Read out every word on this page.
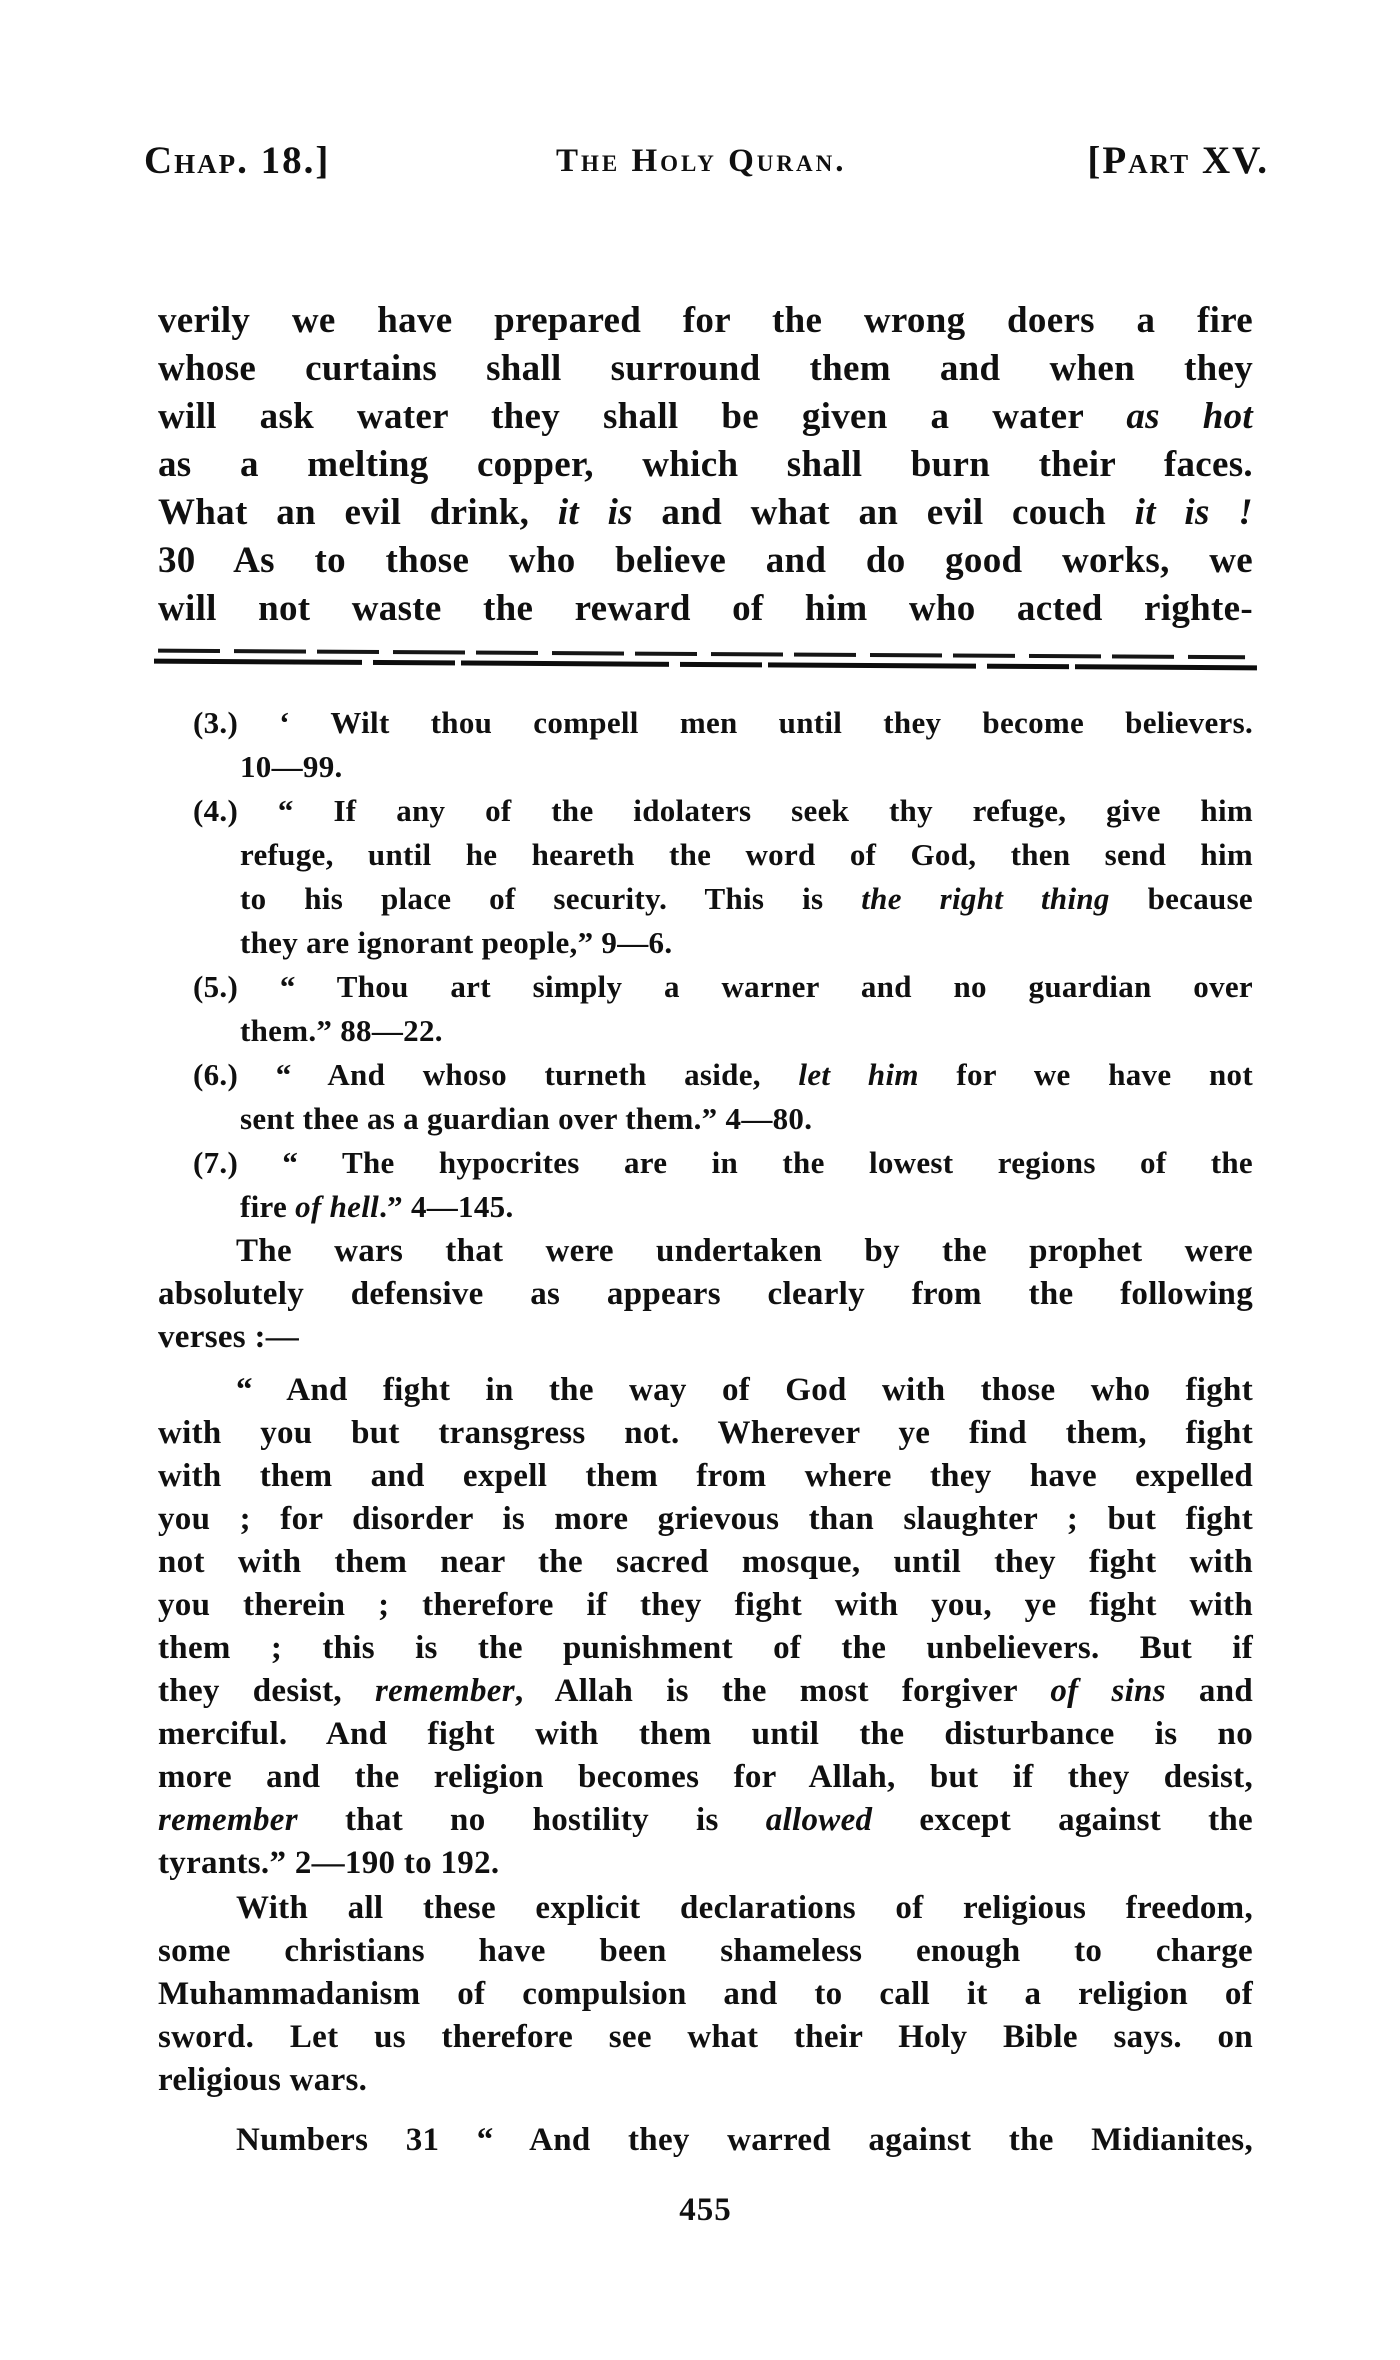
Chap. 18.]	The Holy Quran.	[Part XV.
verily we have prepared for the wrong doers a fire
whose curtains shall surround them and when they
will ask water they shall be given a water as hot
as a melting copper, which shall burn their faces.
What an evil drink, it is and what an evil couch it is !
30 As to those who believe and do good works, we
will not waste the reward of him who acted righte-
(3.) ‘ Wilt thou compell men until they become believers.
10—99.
(4.) “ If any of the idolaters seek thy refuge, give him
refuge, until he heareth the word of God, then send him
to his place of security. This is the right thing because
they are ignorant people,” 9—6.
(5.) “ Thou art simply a warner and no guardian over
them.” 88—22.
(6.) “ And whoso turneth aside, let him for we have not
sent thee as a guardian over them.” 4—80.
(7.) “ The hypocrites are in the lowest regions of the
fire of hell.” 4—145.
The wars that were undertaken by the prophet were
absolutely defensive as appears clearly from the following
verses :—
“ And fight in the way of God with those who fight
with you but transgress not. Wherever ye find them, fight
with them and expell them from where they have expelled
you ; for disorder is more grievous than slaughter ; but fight
not with them near the sacred mosque, until they fight with
you therein ; therefore if they fight with you, ye fight with
them ; this is the punishment of the unbelievers. But if
they desist, remember, Allah is the most forgiver of sins and
merciful. And fight with them until the disturbance is no
more and the religion becomes for Allah, but if they desist,
remember that no hostility is allowed except against the
tyrants.” 2—190 to 192.
With all these explicit declarations of religious freedom,
some christians have been shameless enough to charge
Muhammadanism of compulsion and to call it a religion of
sword. Let us therefore see what their Holy Bible says. on
religious wars.
Numbers 31 “ And they warred against the Midianites,
455
